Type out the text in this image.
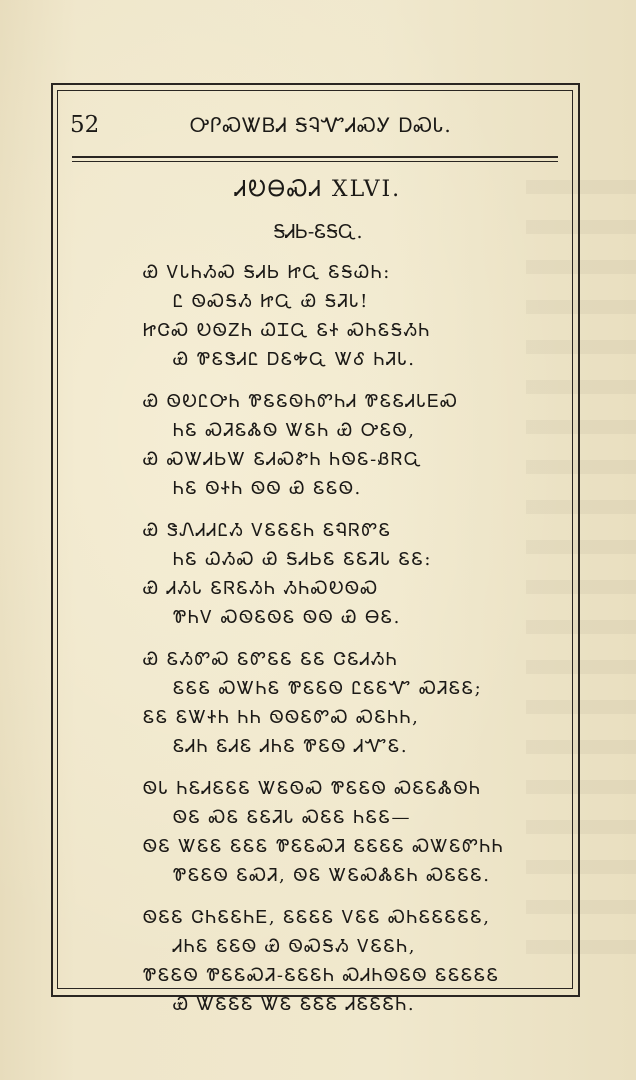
52	ᎤᎵᏍᏔᏴᏗ ᎦᎸᏉᏗᏍᎩ ᎠᏍᏓ.
ᏗᎧᎾᏍᏗ XLVI.
ᎦᏗᏏ-ᏋᎦᏩ.
Ꮿ ᏙᏓᏂᏱᏍ ᎦᏗᏏ ᏥᏩ ᏋᎦᏇᏂ:
Ꮭ ᏫᏍᎦᏱ ᏥᏩ Ꮿ ᎦᏘᏓ!
ᏥᏣᏍ ᎧᏫᏃᏂ ᏇᏆᏩ ᏋᏐ ᏍᏂᏋᎦᏱᏂ
Ꮿ ᏈᏋᏕᏗᏝ ᎠᏋᎭᏩ ᏔᎴ ᏂᏘᏓ.
Ꮿ ᏫᎧᏝᎤᏂ ᏈᏋᏋᏫᏂᏛᏂᏗ ᏈᏋᏋᏗᏓᎬᏍ
ᏂᏋ ᏍᏘᏋᏜᏫ ᏔᏋᏂ Ꮿ ᎤᏋᏫ,
Ꮿ ᏍᏔᏗᏏᏔ ᏋᏗᏍᏑᏂ ᏂᏫᏋ-ᏰᏒᏩ
ᏂᏋ ᏫᏐᏂ ᏫᏫ Ꮿ ᏋᏋᏫ.
Ꮿ ᏕᏁᏗᏗᏝᏱ ᏙᏋᏋᏋᏂ ᏋᏄᏒᏛᏋ
ᏂᏋ ᏇᏱᏍ Ꮿ ᎦᏗᏏᏋ ᏋᏋᏘᏓ ᏋᏋ:
Ꮿ ᏗᏱᏓ ᏋᏒᏋᏱᏂ ᏱᏂᏍᎧᏫᏍ
ᏈᏂᏙ ᏍᏫᏋᏫᏋ ᏫᏫ Ꮿ ᎾᏋ.
Ꮿ ᏋᏱᏛᏍ ᏋᏛᏋᏋ ᏋᏋ ᏣᏋᏗᏱᏂ
ᏋᏋᏋ ᏍᏔᏂᏋ ᏈᏋᏋᏫ ᏝᏋᏋᏉ ᏍᏘᏋᏋ;
ᏋᏋ ᏋᏔᏐᏂ ᏂᏂ ᏫᏫᏋᏛᏍ ᏍᏋᏂᏂ,
ᏋᏗᏂ ᏋᏗᏋ ᏗᏂᏋ ᏈᏋᏫ ᏗᏉᏋ.
ᏫᏓ ᏂᏋᏗᏋᏋᏋ ᏔᏋᏫᏍ ᏈᏋᏋᏫ ᏍᏋᏋᏜᏫᏂ
ᏫᏋ ᏍᏋ ᏋᏋᏘᏓ ᏍᏋᏋ ᏂᏋᏋ—
ᏫᏋ ᏔᏋᏋ ᏋᏋᏋ ᏈᏋᏋᏍᏘ ᏋᏋᏋᏋ ᏍᏔᏋᏛᏂᏂ
ᏈᏋᏋᏫ ᏋᏍᏘ, ᏫᏋ ᏔᏋᏍᏜᏋᏂ ᏍᏋᏋᏋ.
ᏫᏋᏋ ᏣᏂᏋᏋᏂᎬ, ᏋᏋᏋᏋ ᏙᏋᏋ ᏍᏂᏋᏋᏋᏋᏋ,
ᏗᏂᏋ ᏋᏋᏫ Ꮿ ᏫᏍᎦᏱ ᏙᏋᏋᏂ,
ᏈᏋᏋᏫ ᏈᏋᏋᏍᏘ-ᏋᏋᏋᏂ ᏍᏗᏂᏫᏋᏫ ᏋᏋᏋᏋᏋ
Ꮿ ᏔᏋᏋᏋ ᏔᏋ ᏋᏋᏋ ᏗᏋᏋᏋᏂ.
